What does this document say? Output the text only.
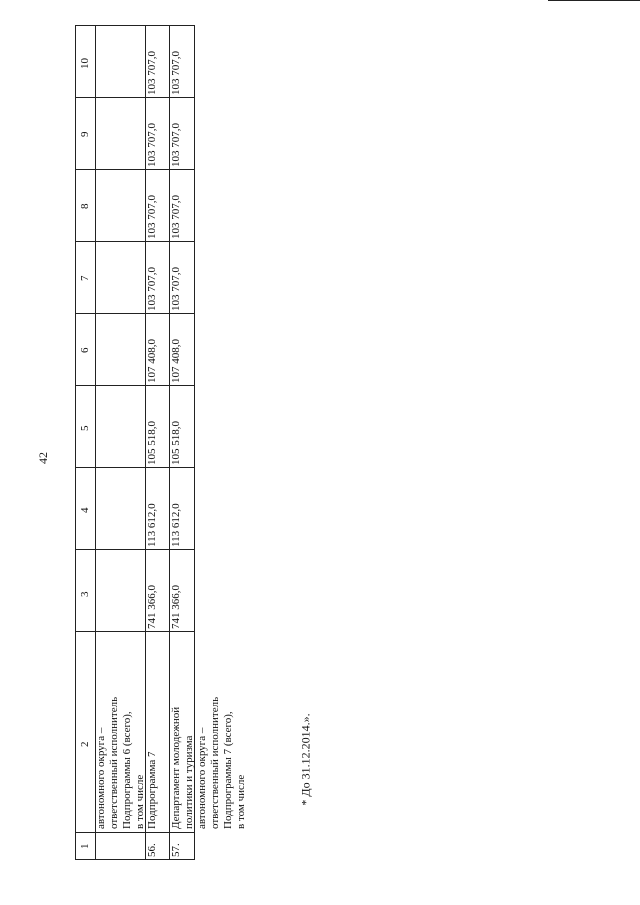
42
1
2
3
4
5
6
7
8
9
10
автономного округа – ответственный исполнитель Подпрограммы 6 (всего), в том числе
56.
Подпрограмма 7
741 366,0
113 612,0
105 518,0
107 408,0
103 707,0
103 707,0
103 707,0
103 707,0
57.
Департамент молодежной политики и туризма автономного округа – ответственный исполнитель Подпрограммы 7 (всего), в том числе
741 366,0
113 612,0
105 518,0
107 408,0
103 707,0
103 707,0
103 707,0
103 707,0
* До 31.12.2014.».
